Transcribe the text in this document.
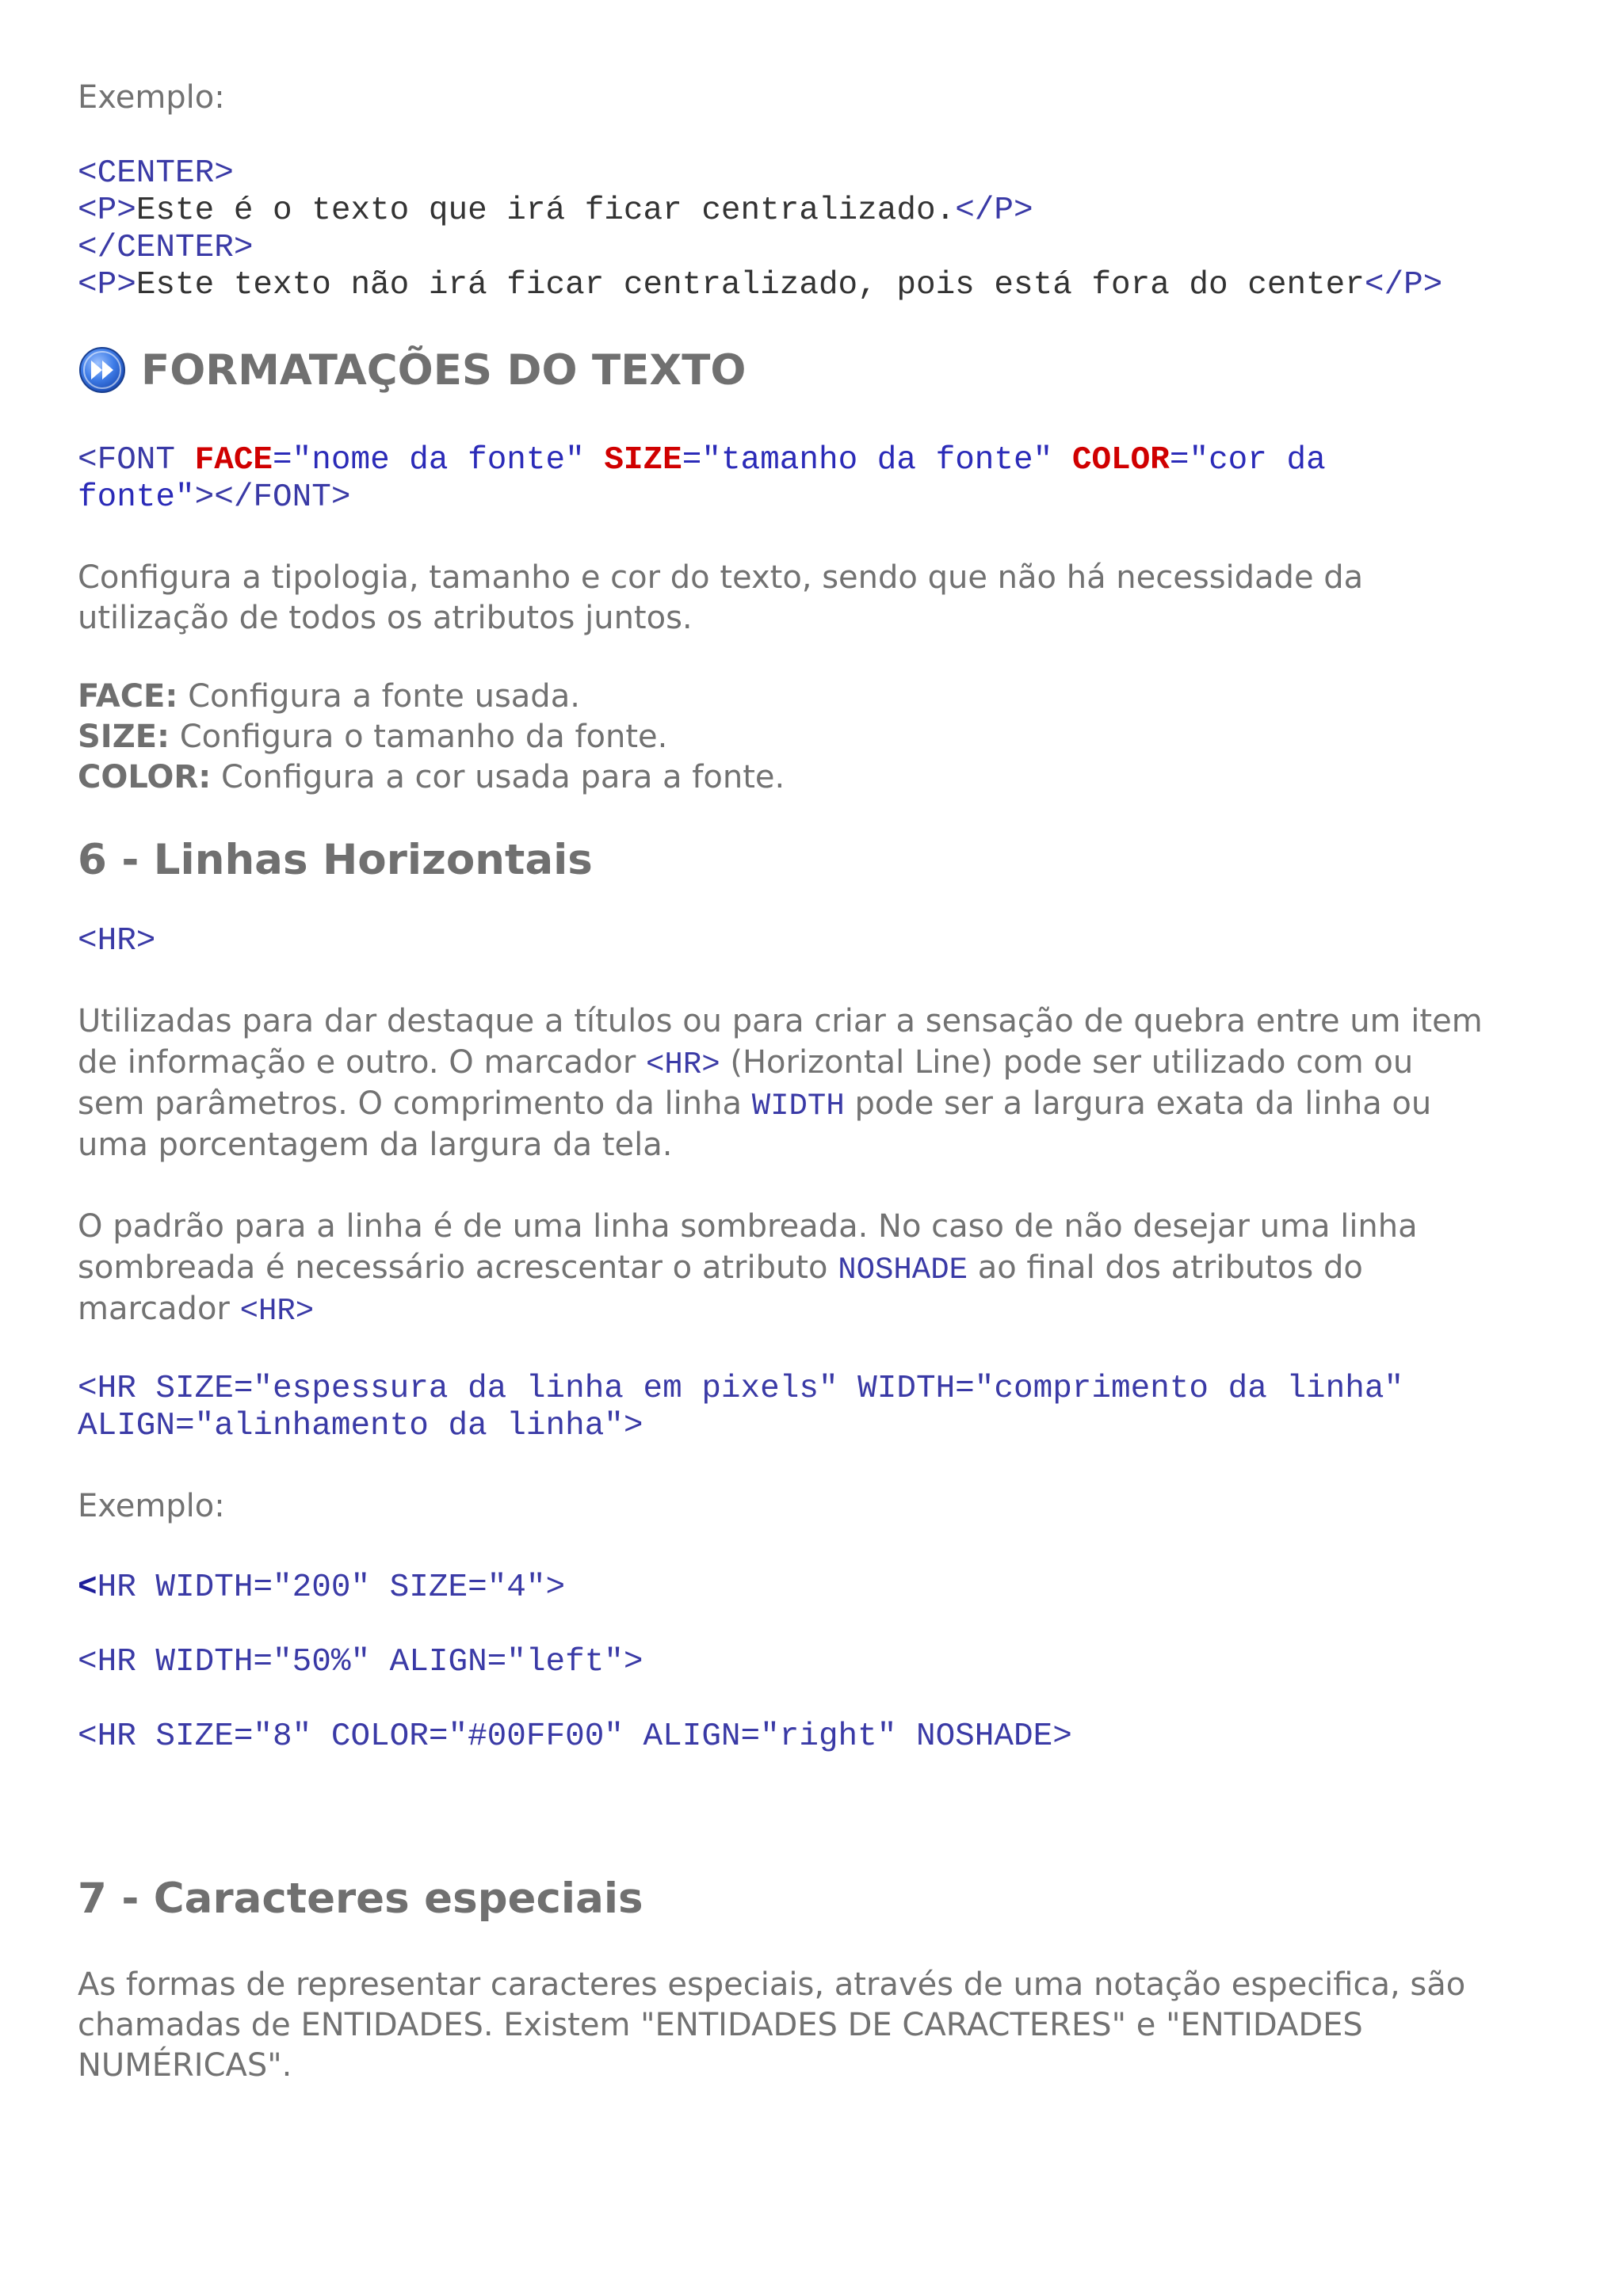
Exemplo:
<CENTER>
<P>Este é o texto que irá ficar centralizado.</P>
</CENTER>
<P>Este texto não irá ficar centralizado, pois está fora do center</P>
FORMATAÇÕES DO TEXTO
<FONT FACE="nome da fonte" SIZE="tamanho da fonte" COLOR="cor da
fonte"></FONT>
Configura a tipologia, tamanho e cor do texto, sendo que não há necessidade da
utilização de todos os atributos juntos.
FACE: Configura a fonte usada.
SIZE: Configura o tamanho da fonte.
COLOR: Configura a cor usada para a fonte.
6 - Linhas Horizontais
<HR>
Utilizadas para dar destaque a títulos ou para criar a sensação de quebra entre um item
de informação e outro. O marcador <HR> (Horizontal Line) pode ser utilizado com ou
sem parâmetros. O comprimento da linha WIDTH pode ser a largura exata da linha ou
uma porcentagem da largura da tela.
O padrão para a linha é de uma linha sombreada. No caso de não desejar uma linha
sombreada é necessário acrescentar o atributo NOSHADE ao final dos atributos do
marcador <HR>
<HR SIZE="espessura da linha em pixels" WIDTH="comprimento da linha"
ALIGN="alinhamento da linha">
Exemplo:
<HR WIDTH="200" SIZE="4">
<HR WIDTH="50%" ALIGN="left">
<HR SIZE="8" COLOR="#00FF00" ALIGN="right" NOSHADE>
7 - Caracteres especiais
As formas de representar caracteres especiais, através de uma notação especifica, são
chamadas de ENTIDADES. Existem "ENTIDADES DE CARACTERES" e "ENTIDADES
NUMÉRICAS".
